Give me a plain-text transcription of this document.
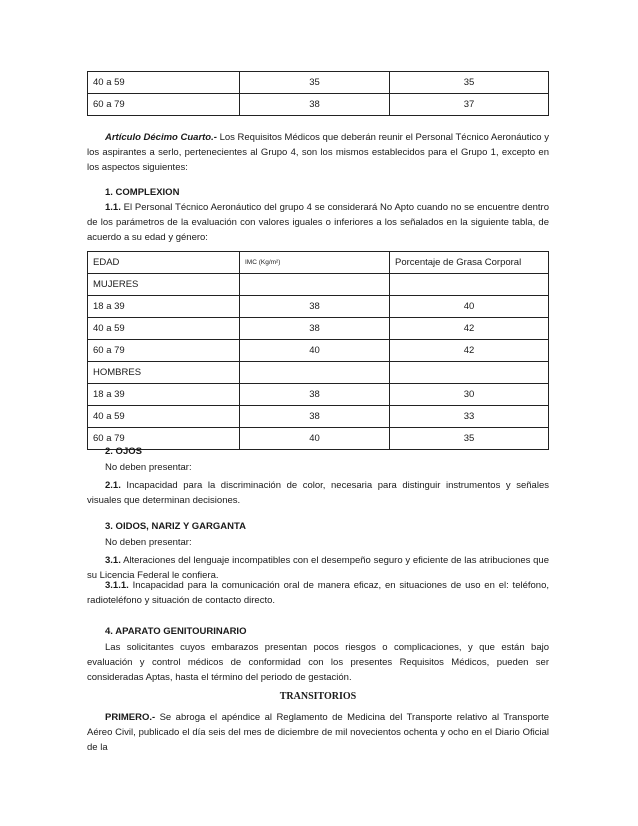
40 a 59	35	35
60 a 79	38	37
Artículo Décimo Cuarto.- Los Requisitos Médicos que deberán reunir el Personal Técnico Aeronáutico y los aspirantes a serlo, pertenecientes al Grupo 4, son los mismos establecidos para el Grupo 1, excepto en los aspectos siguientes:
1. COMPLEXION
1.1. El Personal Técnico Aeronáutico del grupo 4 se considerará No Apto cuando no se encuentre dentro de los parámetros de la evaluación con valores iguales o inferiores a los señalados en la siguiente tabla, de acuerdo a su edad y género:
EDAD	IMC (Kg/m²)	Porcentaje de Grasa Corporal
MUJERES		
18 a 39	38	40
40 a 59	38	42
60 a 79	40	42
HOMBRES		
18 a 39	38	30
40 a 59	38	33
60 a 79	40	35
2. OJOS
No deben presentar:
2.1. Incapacidad para la discriminación de color, necesaria para distinguir instrumentos y señales visuales que determinan decisiones.
3. OIDOS, NARIZ Y GARGANTA
No deben presentar:
3.1. Alteraciones del lenguaje incompatibles con el desempeño seguro y eficiente de las atribuciones que su Licencia Federal le confiera.
3.1.1. Incapacidad para la comunicación oral de manera eficaz, en situaciones de uso en el: teléfono, radioteléfono y situación de contacto directo.
4. APARATO GENITOURINARIO
Las solicitantes cuyos embarazos presentan pocos riesgos o complicaciones, y que están bajo evaluación y control médicos de conformidad con los presentes Requisitos Médicos, pueden ser consideradas Aptas, hasta el término del periodo de gestación.
TRANSITORIOS
PRIMERO.- Se abroga el apéndice al Reglamento de Medicina del Transporte relativo al Transporte Aéreo Civil, publicado el día seis del mes de diciembre de mil novecientos ochenta y ocho en el Diario Oficial de la
